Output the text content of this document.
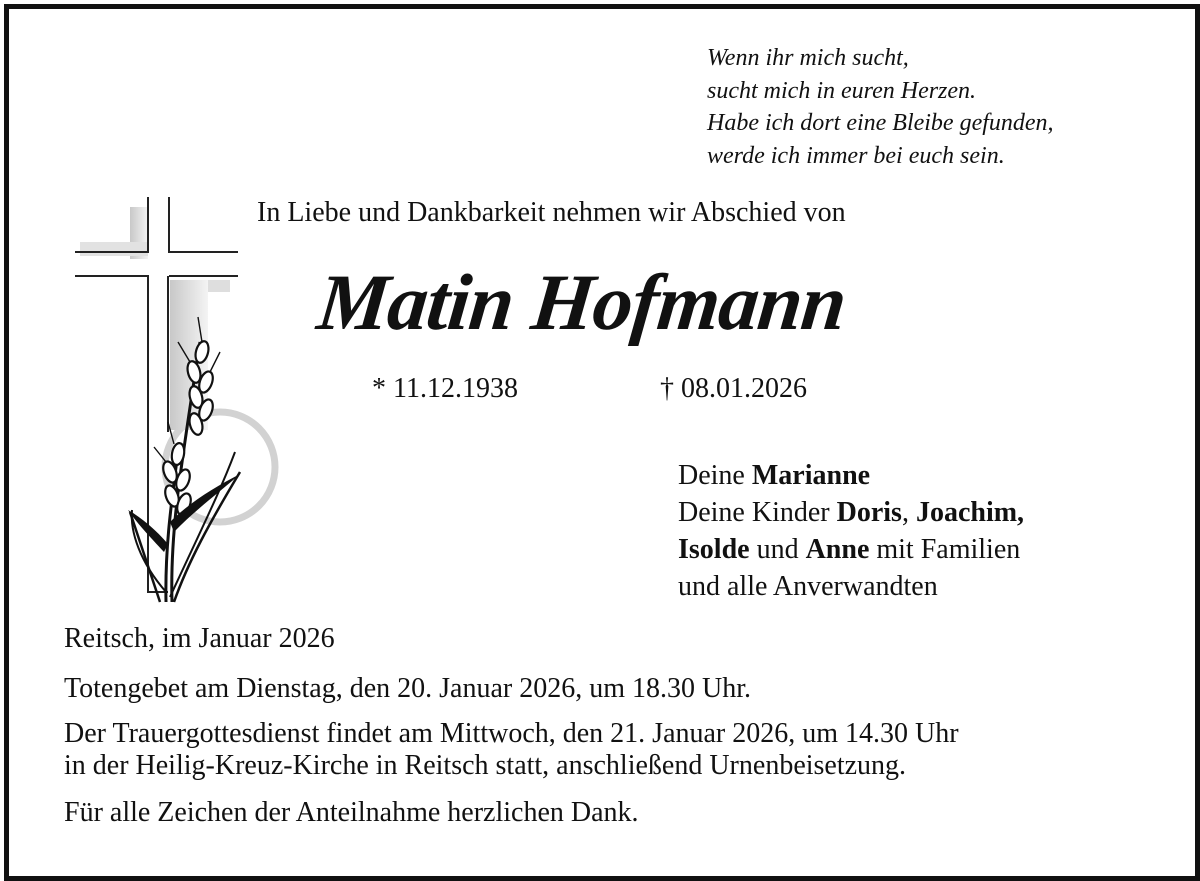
Wenn ihr mich sucht,
sucht mich in euren Herzen.
Habe ich dort eine Bleibe gefunden,
werde ich immer bei euch sein.
In Liebe und Dankbarkeit nehmen wir Abschied von
Matin Hofmann
* 11.12.1938	† 08.01.2026
Deine Marianne
Deine Kinder Doris, Joachim,
Isolde und Anne mit Familien
und alle Anverwandten
Reitsch, im Januar 2026
Totengebet am Dienstag, den 20. Januar 2026, um 18.30 Uhr.
Der Trauergottesdienst findet am Mittwoch, den 21. Januar 2026, um 14.30 Uhr
in der Heilig-Kreuz-Kirche in Reitsch statt, anschließend Urnenbeisetzung.
Für alle Zeichen der Anteilnahme herzlichen Dank.
